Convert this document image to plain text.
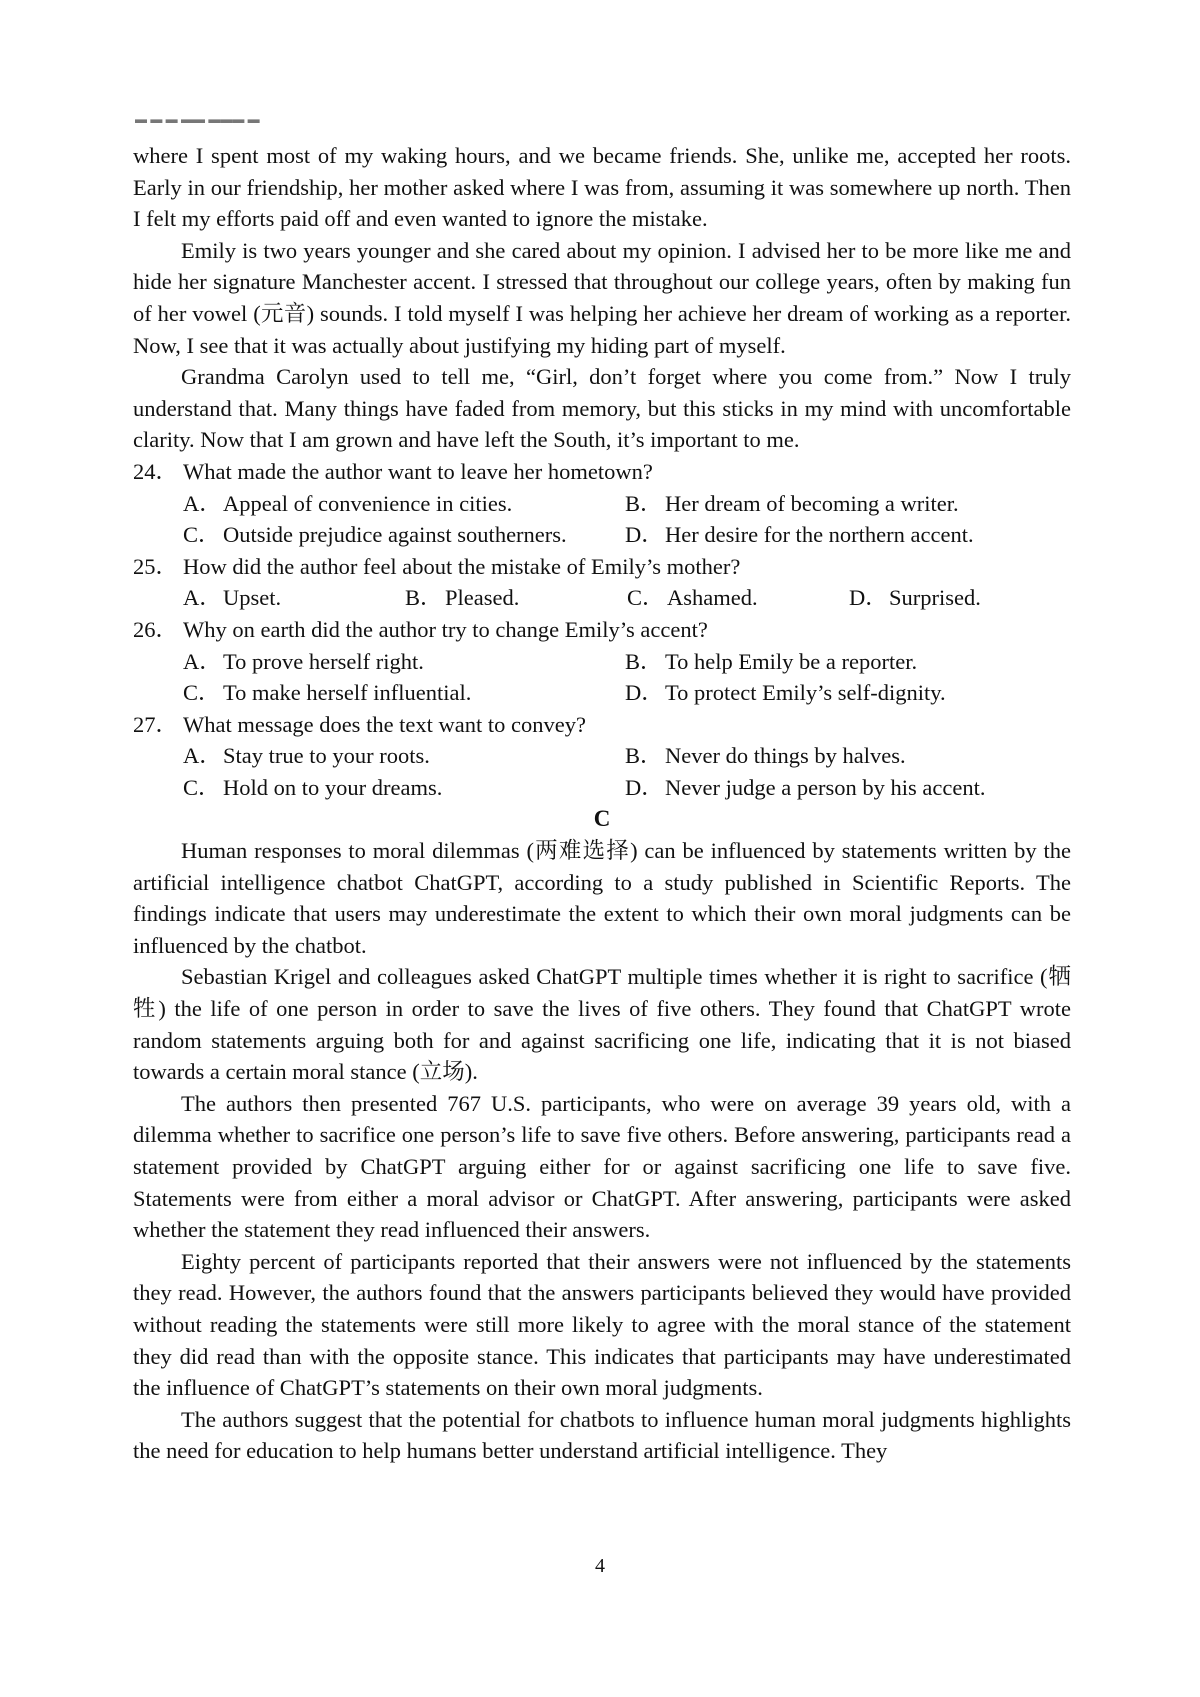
▬ ▬ ▬ ▬▬ ▬▬▬ ▬

where I spent most of my waking hours, and we became friends. She, unlike me, accepted her roots. Early in our friendship, her mother asked where I was from, assuming it was somewhere up north. Then I felt my efforts paid off and even wanted to ignore the mistake.

Emily is two years younger and she cared about my opinion. I advised her to be more like me and hide her signature Manchester accent. I stressed that throughout our college years, often by making fun of her vowel (元音) sounds. I told myself I was helping her achieve her dream of working as a reporter. Now, I see that it was actually about justifying my hiding part of myself.

Grandma Carolyn used to tell me, “Girl, don’t forget where you come from.” Now I truly understand that. Many things have faded from memory, but this sticks in my mind with uncomfortable clarity. Now that I am grown and have left the South, it’s important to me.

24． What made the author want to leave her hometown?
A． Appeal of convenience in cities.	B． Her dream of becoming a writer.
C． Outside prejudice against southerners.	D． Her desire for the northern accent.
25． How did the author feel about the mistake of Emily’s mother?
A． Upset.	B． Pleased.	C． Ashamed.	D． Surprised.
26． Why on earth did the author try to change Emily’s accent?
A． To prove herself right.	B． To help Emily be a reporter.
C． To make herself influential.	D． To protect Emily’s self-dignity.
27． What message does the text want to convey?
A． Stay true to your roots.	B． Never do things by halves.
C． Hold on to your dreams.	D． Never judge a person by his accent.
C

Human responses to moral dilemmas (两难选择) can be influenced by statements written by the artificial intelligence chatbot ChatGPT, according to a study published in Scientific Reports. The findings indicate that users may underestimate the extent to which their own moral judgments can be influenced by the chatbot.

Sebastian Krigel and colleagues asked ChatGPT multiple times whether it is right to sacrifice (牺牲) the life of one person in order to save the lives of five others. They found that ChatGPT wrote random statements arguing both for and against sacrificing one life, indicating that it is not biased towards a certain moral stance (立场).

The authors then presented 767 U.S. participants, who were on average 39 years old, with a dilemma whether to sacrifice one person’s life to save five others. Before answering, participants read a statement provided by ChatGPT arguing either for or against sacrificing one life to save five. Statements were from either a moral advisor or ChatGPT. After answering, participants were asked whether the statement they read influenced their answers.

Eighty percent of participants reported that their answers were not influenced by the statements they read. However, the authors found that the answers participants believed they would have provided without reading the statements were still more likely to agree with the moral stance of the statement they did read than with the opposite stance. This indicates that participants may have underestimated the influence of ChatGPT’s statements on their own moral judgments.

The authors suggest that the potential for chatbots to influence human moral judgments highlights the need for education to help humans better understand artificial intelligence. They

4
